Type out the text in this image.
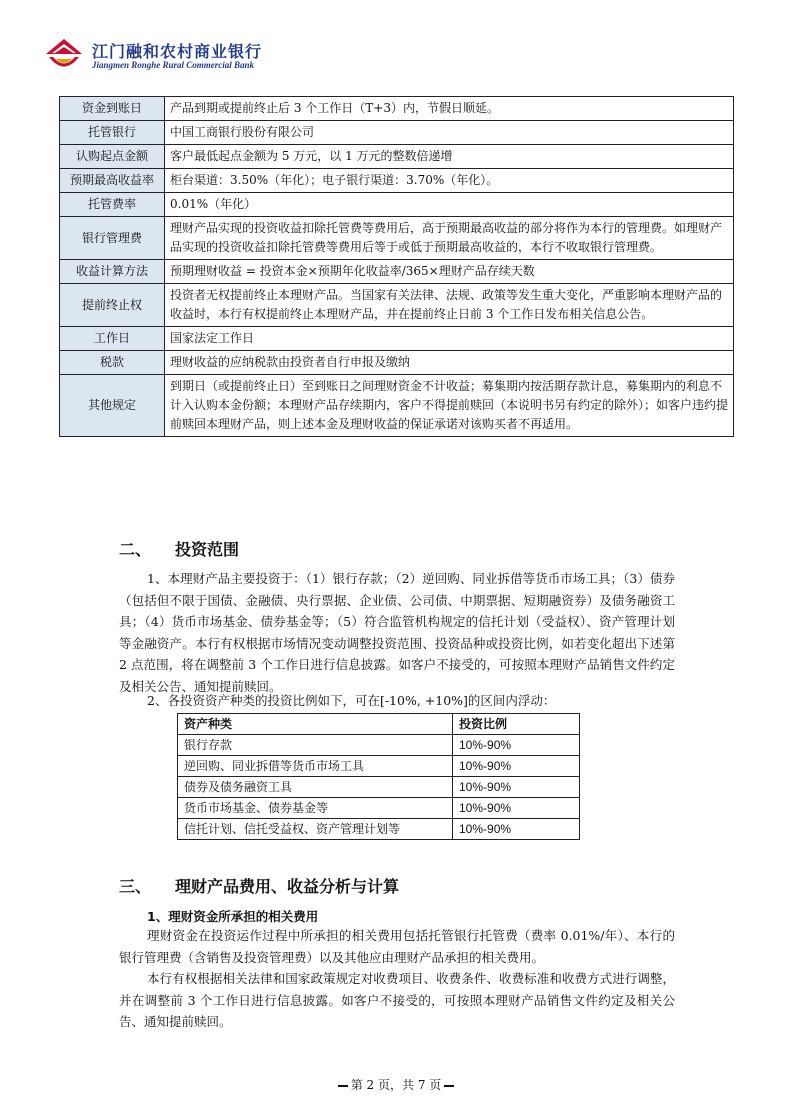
江门融和农村商业银行
Jiangmen Ronghe Rural Commercial Bank
资金到账日	产品到期或提前终止后 3 个工作日（T+3）内，节假日顺延。
托管银行	中国工商银行股份有限公司
认购起点金额	客户最低起点金额为 5 万元，以 1 万元的整数倍递增
预期最高收益率	柜台渠道：3.50%（年化）；电子银行渠道：3.70%（年化）。
托管费率	0.01%（年化）
银行管理费	理财产品实现的投资收益扣除托管费等费用后，高于预期最高收益的部分将作为本行的管理费。如理财产品实现的投资收益扣除托管费等费用后等于或低于预期最高收益的，本行不收取银行管理费。
收益计算方法	预期理财收益 = 投资本金×预期年化收益率/365×理财产品存续天数
提前终止权	投资者无权提前终止本理财产品。当国家有关法律、法规、政策等发生重大变化，严重影响本理财产品的收益时，本行有权提前终止本理财产品，并在提前终止日前 3 个工作日发布相关信息公告。
工作日	国家法定工作日
税款	理财收益的应纳税款由投资者自行申报及缴纳
其他规定	到期日（或提前终止日）至到账日之间理财资金不计收益；募集期内按活期存款计息，募集期内的利息不计入认购本金份额；本理财产品存续期内，客户不得提前赎回（本说明书另有约定的除外）；如客户违约提前赎回本理财产品，则上述本金及理财收益的保证承诺对该购买者不再适用。
二、 投资范围
1、本理财产品主要投资于：（1）银行存款；（2）逆回购、同业拆借等货币市场工具；（3）债券（包括但不限于国债、金融债、央行票据、企业债、公司债、中期票据、短期融资券）及债务融资工具；（4）货币市场基金、债券基金等；（5）符合监管机构规定的信托计划（受益权）、资产管理计划等金融资产。本行有权根据市场情况变动调整投资范围、投资品种或投资比例，如若变化超出下述第 2 点范围，将在调整前 3 个工作日进行信息披露。如客户不接受的，可按照本理财产品销售文件约定及相关公告、通知提前赎回。
2、各投资资产种类的投资比例如下，可在[-10%, +10%]的区间内浮动：
资产种类	投资比例
银行存款	10%-90%
逆回购、同业拆借等货币市场工具	10%-90%
债券及债务融资工具	10%-90%
货币市场基金、债券基金等	10%-90%
信托计划、信托受益权、资产管理计划等	10%-90%
三、 理财产品费用、收益分析与计算
1、理财资金所承担的相关费用
理财资金在投资运作过程中所承担的相关费用包括托管银行托管费（费率 0.01%/年）、本行的银行管理费（含销售及投资管理费）以及其他应由理财产品承担的相关费用。
本行有权根据相关法律和国家政策规定对收费项目、收费条件、收费标准和收费方式进行调整，并在调整前 3 个工作日进行信息披露。如客户不接受的，可按照本理财产品销售文件约定及相关公告、通知提前赎回。
第 2 页，共 7 页
